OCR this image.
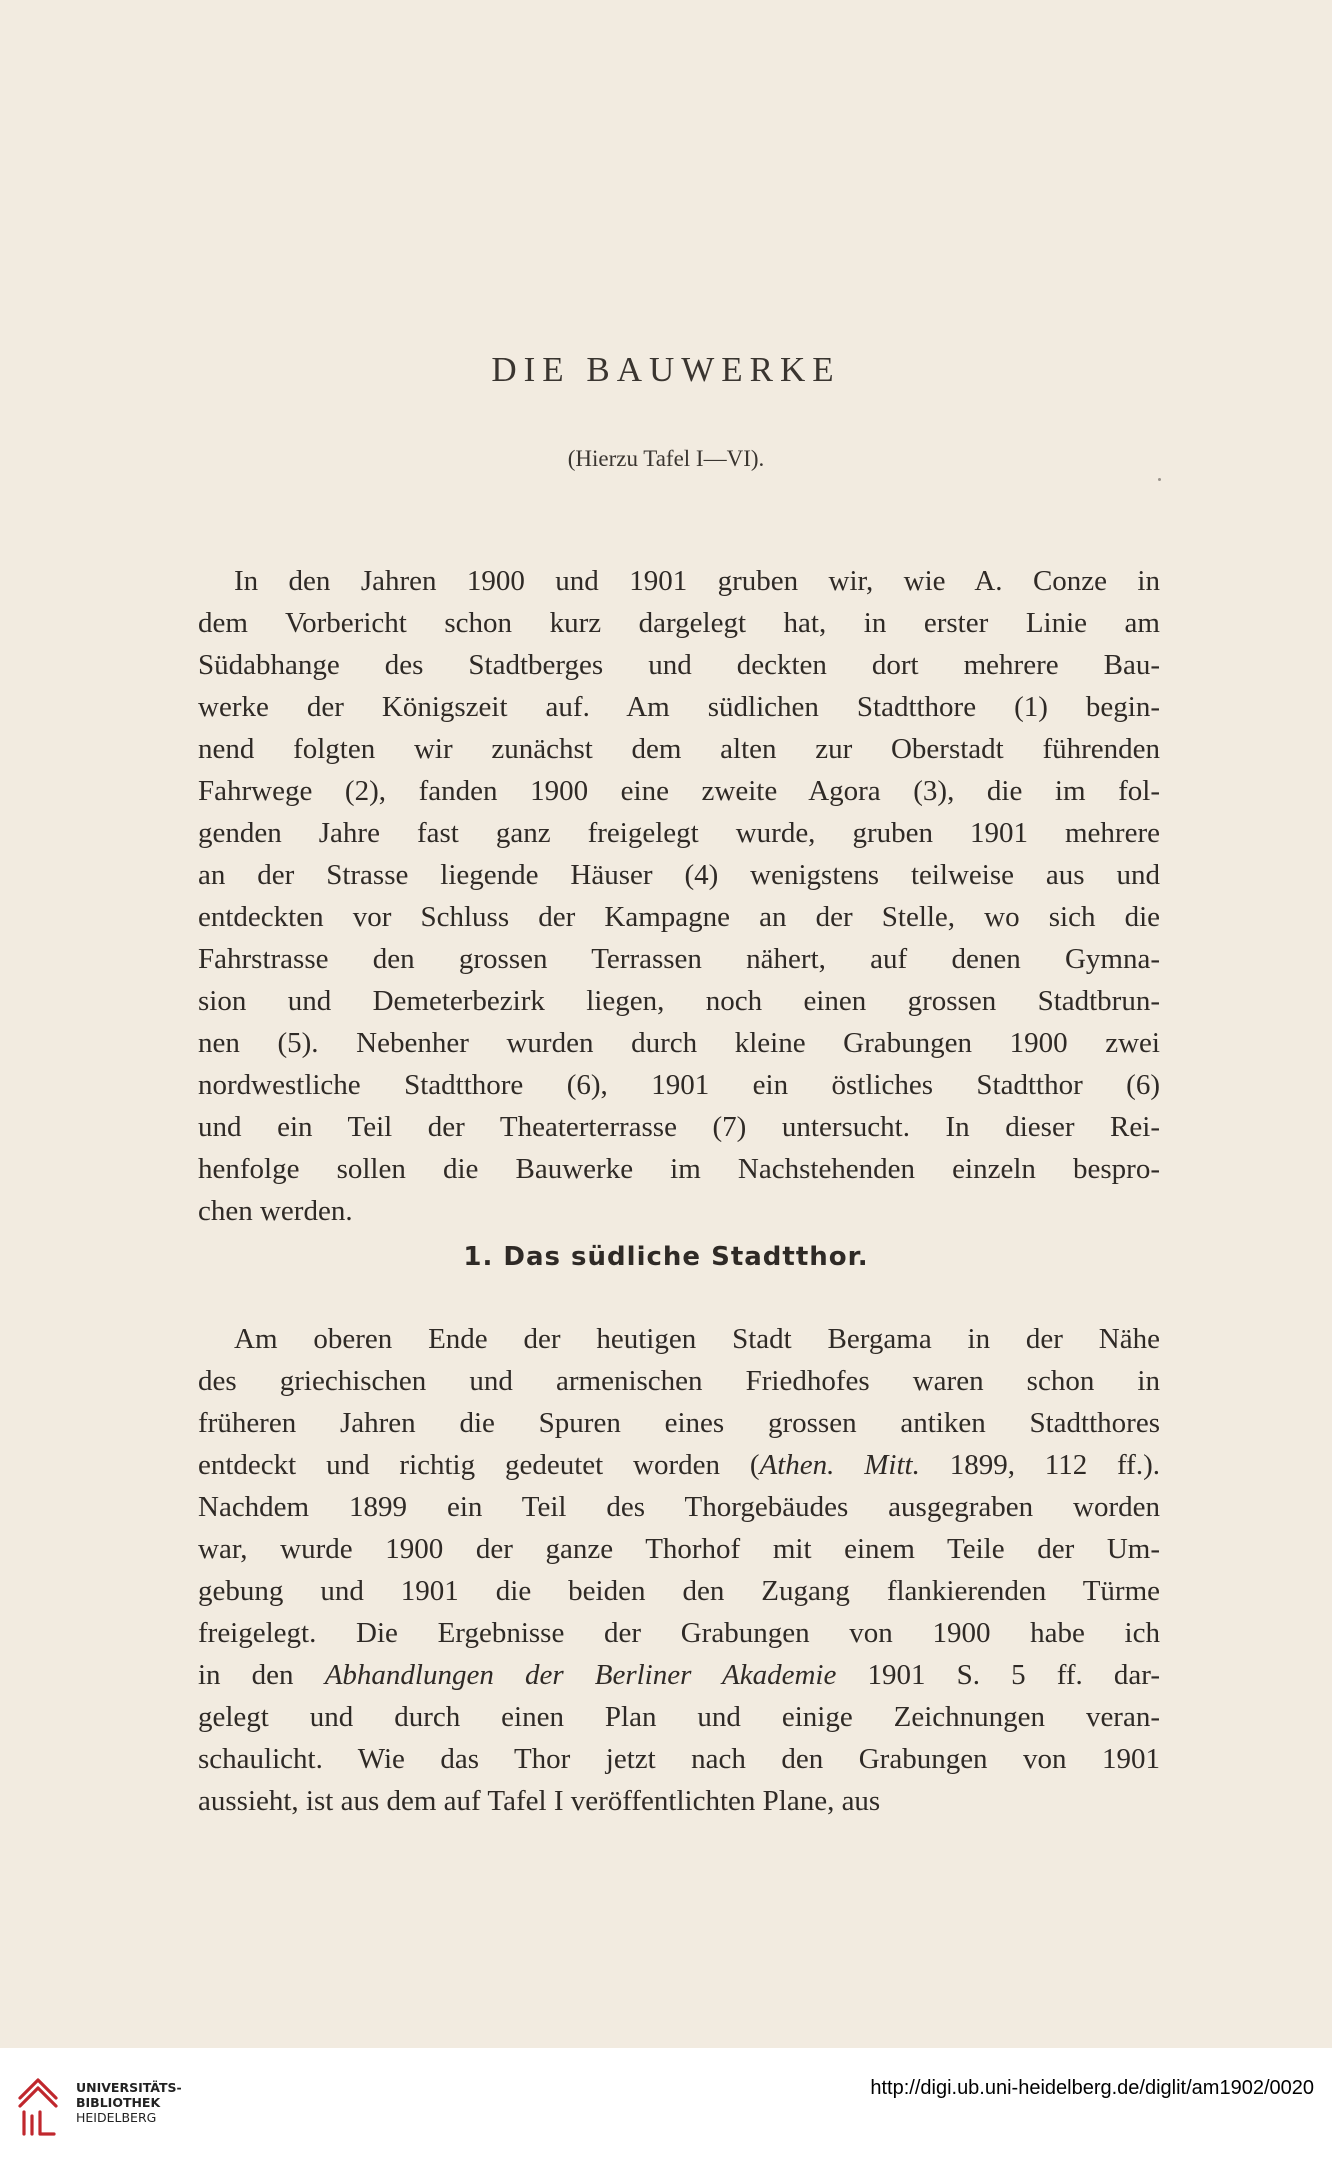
DIE BAUWERKE
(Hierzu Tafel I—VI).
In den Jahren 1900 und 1901 gruben wir, wie A. Conze in
dem Vorbericht schon kurz dargelegt hat, in erster Linie am
Südabhange des Stadtberges und deckten dort mehrere Bau-
werke der Königszeit auf. Am südlichen Stadtthore (1) begin-
nend folgten wir zunächst dem alten zur Oberstadt führenden
Fahrwege (2), fanden 1900 eine zweite Agora (3), die im fol-
genden Jahre fast ganz freigelegt wurde, gruben 1901 mehrere
an der Strasse liegende Häuser (4) wenigstens teilweise aus und
entdeckten vor Schluss der Kampagne an der Stelle, wo sich die
Fahrstrasse den grossen Terrassen nähert, auf denen Gymna-
sion und Demeterbezirk liegen, noch einen grossen Stadtbrun-
nen (5). Nebenher wurden durch kleine Grabungen 1900 zwei
nordwestliche Stadtthore (6), 1901 ein östliches Stadtthor (6)
und ein Teil der Theaterterrasse (7) untersucht. In dieser Rei-
henfolge sollen die Bauwerke im Nachstehenden einzeln bespro-
chen werden.
1. Das südliche Stadtthor.
Am oberen Ende der heutigen Stadt Bergama in der Nähe
des griechischen und armenischen Friedhofes waren schon in
früheren Jahren die Spuren eines grossen antiken Stadtthores
entdeckt und richtig gedeutet worden (Athen. Mitt. 1899, 112 ff.).
Nachdem 1899 ein Teil des Thorgebäudes ausgegraben worden
war, wurde 1900 der ganze Thorhof mit einem Teile der Um-
gebung und 1901 die beiden den Zugang flankierenden Türme
freigelegt. Die Ergebnisse der Grabungen von 1900 habe ich
in den Abhandlungen der Berliner Akademie 1901 S. 5 ff. dar-
gelegt und durch einen Plan und einige Zeichnungen veran-
schaulicht. Wie das Thor jetzt nach den Grabungen von 1901
aussieht, ist aus dem auf Tafel I veröffentlichten Plane, aus
UNIVERSITÄTS-
BIBLIOTHEK
HEIDELBERG
http://digi.ub.uni-heidelberg.de/diglit/am1902/0020
